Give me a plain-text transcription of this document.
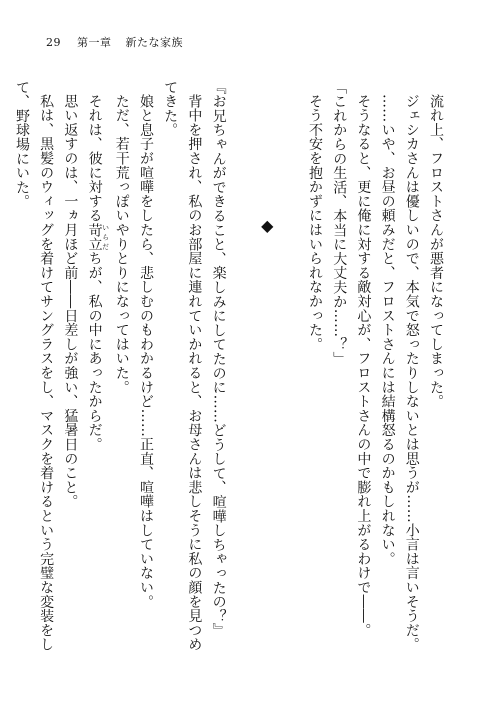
29 第一章 新たな家族
流れ上、フロストさんが悪者になってしまった。
ジェシカさんは優しいので、本気で怒ったりしないとは思うが……小言は言いそうだ。
……いや、お昼の頼みだと、フロストさんには結構怒るのかもしれない。
そうなると、更に俺に対する敵対心が、フロストさんの中で膨れ上がるわけで――。
「これからの生活、本当に大丈夫か……？」
そう不安を抱かずにはいられなかった。
◆
『お兄ちゃんができること、楽しみにしてたのに……どうして、喧嘩しちゃったの？』
背中を押され、私のお部屋に連れていかれると、お母さんは悲しそうに私の顔を見つめ
てきた。
娘と息子が喧嘩をしたら、悲しむのもわかるけど……正直、喧嘩はしていない。
ただ、若干荒っぽいやりとりになってはいた。
それは、彼に対する苛立 いらだちが、私の中にあったからだ。
思い返すのは、一ヵ月ほど前――日差しが強い、猛暑日のこと。
私は、黒髪のウィッグを着けてサングラスをし、マスクを着けるという完璧な変装をし
て、野球場にいた。
